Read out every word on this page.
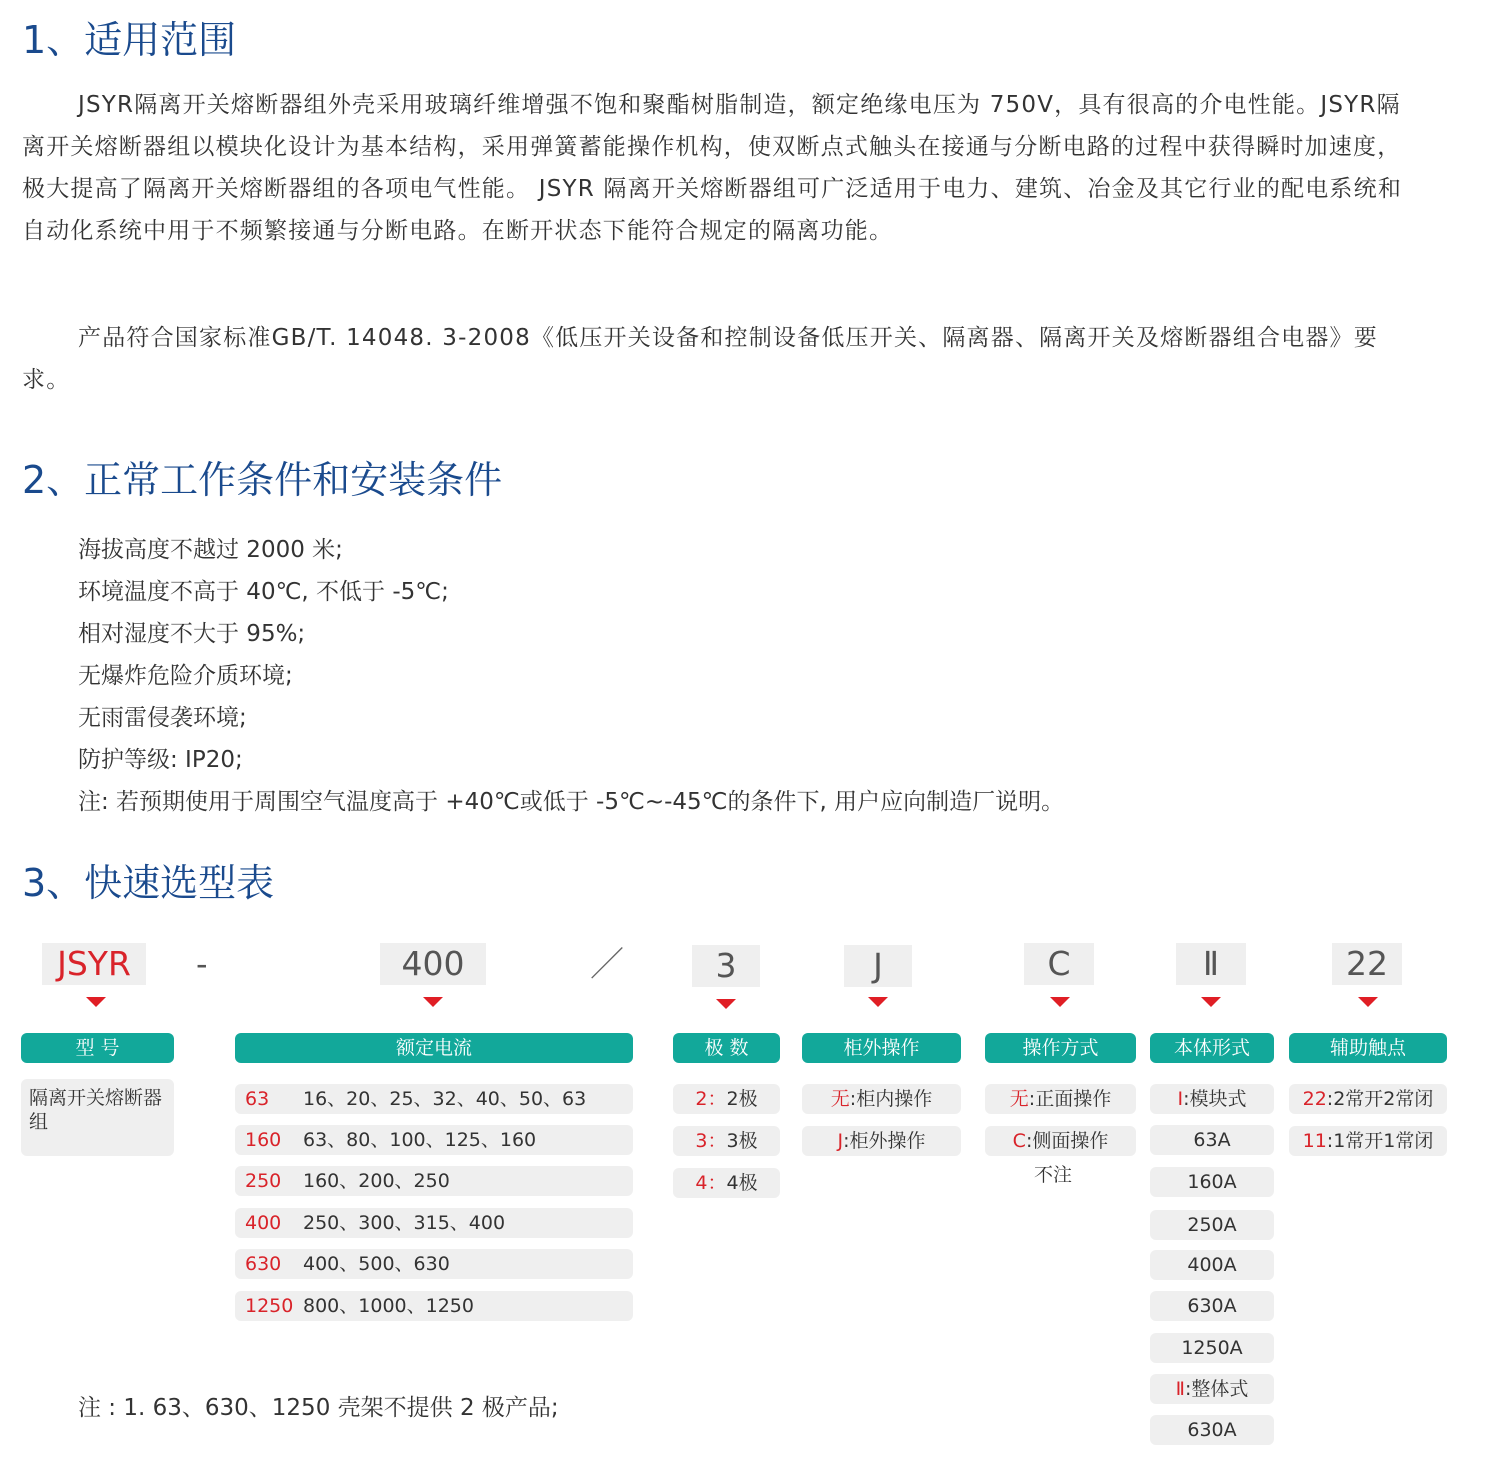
1、适用范围
JSYR隔离开关熔断器组外壳采用玻璃纤维增强不饱和聚酯树脂制造，额定绝缘电压为 750V，具有很高的介电性能。JSYR隔离开关熔断器组以模块化设计为基本结构，采用弹簧蓄能操作机构，使双断点式触头在接通与分断电路的过程中获得瞬时加速度，极大提高了隔离开关熔断器组的各项电气性能。 JSYR 隔离开关熔断器组可广泛适用于电力、建筑、冶金及其它行业的配电系统和自动化系统中用于不频繁接通与分断电路。在断开状态下能符合规定的隔离功能。
产品符合国家标准GB/T. 14048. 3-2008《低压开关设备和控制设备低压开关、隔离器、隔离开关及熔断器组合电器》要求。
2、正常工作条件和安装条件
海拔高度不越过 2000 米;
环境温度不高于 40℃, 不低于 -5℃;
相对湿度不大于 95%;
无爆炸危险介质环境;
无雨雷侵袭环境;
防护等级: IP20;
注: 若预期使用于周围空气温度高于 +40℃或低于 -5℃~-45℃的条件下, 用户应向制造厂说明。
3、快速选型表
JSYR	-	400	／	3	J	C	Ⅱ	22
型 号	额定电流	极 数	柜外操作	操作方式	本体形式	辅助触点
隔离开关熔断器组
63 16、20、25、32、40、50、63
160 63、80、100、125、160
250 160、200、250
400 250、300、315、400
630 400、500、630
1250 800、1000、1250
2：2极
3：3极
4：4极
无:柜内操作
J:柜外操作
无:正面操作
C:侧面操作
不注
Ⅰ:模块式
63A
160A
250A
400A
630A
1250A
Ⅱ:整体式
630A
22:2常开2常闭
11:1常开1常闭
注 : 1. 63、630、1250 壳架不提供 2 极产品;
